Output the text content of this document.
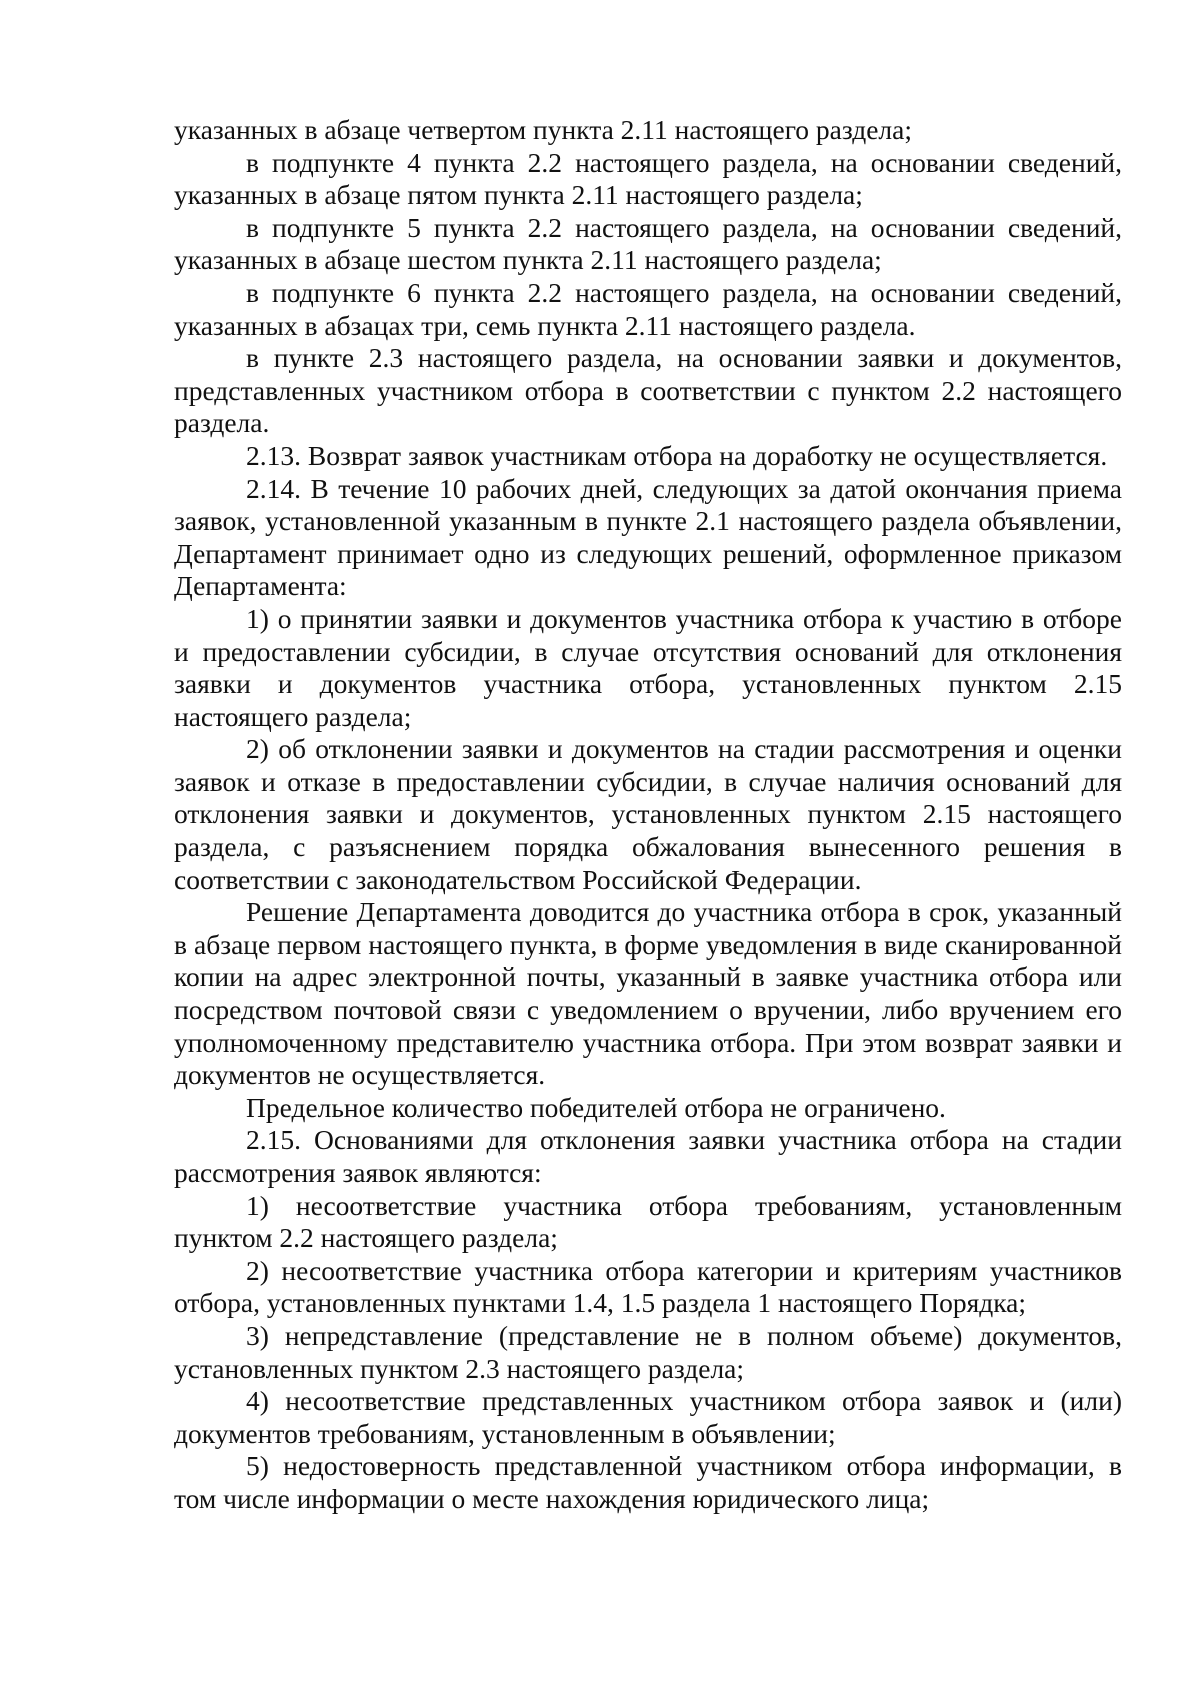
указанных в абзаце четвертом пункта 2.11 настоящего раздела;

в подпункте 4 пункта 2.2 настоящего раздела, на основании сведений, указанных в абзаце пятом пункта 2.11 настоящего раздела;

в подпункте 5 пункта 2.2 настоящего раздела, на основании сведений, указанных в абзаце шестом пункта 2.11 настоящего раздела;

в подпункте 6 пункта 2.2 настоящего раздела, на основании сведений, указанных в абзацах три, семь пункта 2.11 настоящего раздела.

в пункте 2.3 настоящего раздела, на основании заявки и документов, представленных участником отбора в соответствии с пунктом 2.2 настоящего раздела.

2.13. Возврат заявок участникам отбора на доработку не осуществляется.

2.14. В течение 10 рабочих дней, следующих за датой окончания приема заявок, установленной указанным в пункте 2.1 настоящего раздела объявлении, Департамент принимает одно из следующих решений, оформленное приказом Департамента:

1) о принятии заявки и документов участника отбора к участию в отборе и предоставлении субсидии, в случае отсутствия оснований для отклонения заявки и документов участника отбора, установленных пунктом 2.15 настоящего раздела;

2) об отклонении заявки и документов на стадии рассмотрения и оценки заявок и отказе в предоставлении субсидии, в случае наличия оснований для отклонения заявки и документов, установленных пунктом 2.15 настоящего раздела, с разъяснением порядка обжалования вынесенного решения в соответствии с законодательством Российской Федерации.

Решение Департамента доводится до участника отбора в срок, указанный в абзаце первом настоящего пункта, в форме уведомления в виде сканированной копии на адрес электронной почты, указанный в заявке участника отбора или посредством почтовой связи с уведомлением о вручении, либо вручением его уполномоченному представителю участника отбора. При этом возврат заявки и документов не осуществляется.

Предельное количество победителей отбора не ограничено.

2.15. Основаниями для отклонения заявки участника отбора на стадии рассмотрения заявок являются:

1) несоответствие участника отбора требованиям, установленным пунктом 2.2 настоящего раздела;

2) несоответствие участника отбора категории и критериям участников отбора, установленных пунктами 1.4, 1.5 раздела 1 настоящего Порядка;

3) непредставление (представление не в полном объеме) документов, установленных пунктом 2.3 настоящего раздела;

4) несоответствие представленных участником отбора заявок и (или) документов требованиям, установленным в объявлении;

5) недостоверность представленной участником отбора информации, в том числе информации о месте нахождения юридического лица;
